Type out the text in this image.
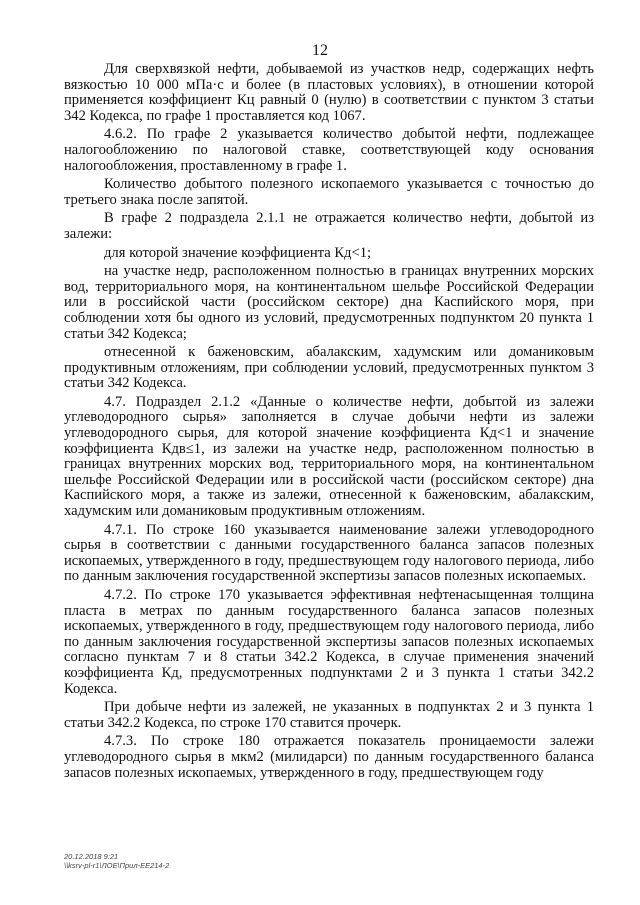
12

Для сверхвязкой нефти, добываемой из участков недр, содержащих нефть вязкостью 10 000 мПа·с и более (в пластовых условиях), в отношении которой применяется коэффициент Кц равный 0 (нулю) в соответствии с пунктом 3 статьи 342 Кодекса, по графе 1 проставляется код 1067.

4.6.2. По графе 2 указывается количество добытой нефти, подлежащее налогообложению по налоговой ставке, соответствующей коду основания налогообложения, проставленному в графе 1.

Количество добытого полезного ископаемого указывается с точностью до третьего знака после запятой.

В графе 2 подраздела 2.1.1 не отражается количество нефти, добытой из залежи:

для которой значение коэффициента Кд<1;

на участке недр, расположенном полностью в границах внутренних морских вод, территориального моря, на континентальном шельфе Российской Федерации или в российской части (российском секторе) дна Каспийского моря, при соблюдении хотя бы одного из условий, предусмотренных подпунктом 20 пункта 1 статьи 342 Кодекса;

отнесенной к баженовским, абалакским, хадумским или доманиковым продуктивным отложениям, при соблюдении условий, предусмотренных пунктом 3 статьи 342 Кодекса.

4.7. Подраздел 2.1.2 «Данные о количестве нефти, добытой из залежи углеводородного сырья» заполняется в случае добычи нефти из залежи углеводородного сырья, для которой значение коэффициента Кд<1 и значение коэффициента Кдв≤1, из залежи на участке недр, расположенном полностью в границах внутренних морских вод, территориального моря, на континентальном шельфе Российской Федерации или в российской части (российском секторе) дна Каспийского моря, а также из залежи, отнесенной к баженовским, абалакским, хадумским или доманиковым продуктивным отложениям.

4.7.1. По строке 160 указывается наименование залежи углеводородного сырья в соответствии с данными государственного баланса запасов полезных ископаемых, утвержденного в году, предшествующем году налогового периода, либо по данным заключения государственной экспертизы запасов полезных ископаемых.

4.7.2. По строке 170 указывается эффективная нефтенасыщенная толщина пласта в метрах по данным государственного баланса запасов полезных ископаемых, утвержденного в году, предшествующем году налогового периода, либо по данным заключения государственной экспертизы запасов полезных ископаемых согласно пунктам 7 и 8 статьи 342.2 Кодекса, в случае применения значений коэффициента Кд, предусмотренных подпунктами 2 и 3 пункта 1 статьи 342.2 Кодекса.

При добыче нефти из залежей, не указанных в подпунктах 2 и 3 пункта 1 статьи 342.2 Кодекса, по строке 170 ставится прочерк.

4.7.3. По строке 180 отражается показатель проницаемости залежи углеводородного сырья в мкм2 (милидарси) по данным государственного баланса запасов полезных ископаемых, утвержденного в году, предшествующем году

20.12.2018 9:21
\\ksrv-pl-r1\ЛОЕ\Прил-ЕЕ214-2
